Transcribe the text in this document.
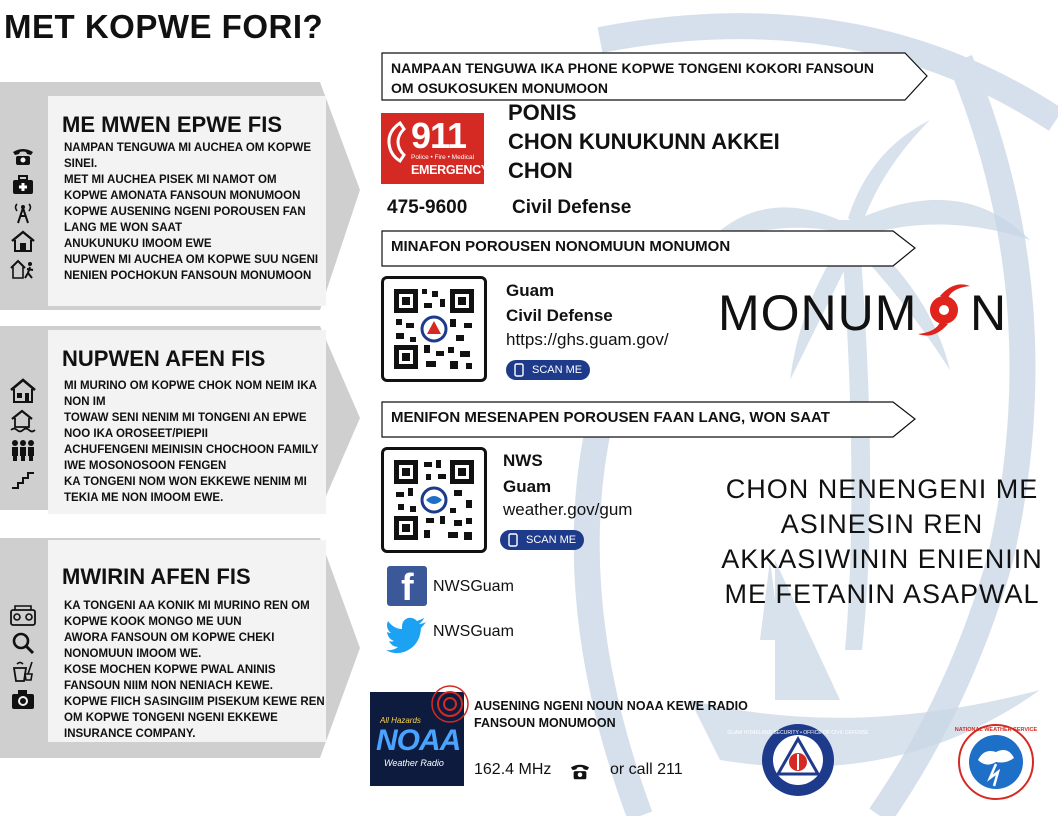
MET KOPWE FORI?
ME MWEN EPWE FIS
NAMPAN TENGUWA MI AUCHEA OM KOPWE
SINEI.
MET MI AUCHEA PISEK MI NAMOT OM
KOPWE AMONATA FANSOUN MONUMOON
KOPWE AUSENING NGENI POROUSEN FAN
LANG ME WON SAAT
ANUKUNUKU IMOOM EWE
NUPWEN MI AUCHEA OM KOPWE SUU NGENI
NENIEN POCHOKUN FANSOUN MONUMOON
NUPWEN AFEN FIS
MI MURINO OM KOPWE CHOK NOM NEIM IKA
NON IM
TOWAW SENI NENIM MI TONGENI AN EPWE
NOO IKA OROSEET/PIEPII
ACHUFENGENI MEINISIN CHOCHOON FAMILY
IWE MOSONOSOON FENGEN
KA TONGENI NOM WON EKKEWE NENIM MI
TEKIA ME NON IMOOM EWE.
MWIRIN AFEN FIS
KA TONGENI AA KONIK MI MURINO REN OM
KOPWE KOOK MONGO ME UUN
AWORA FANSOUN OM KOPWE CHEKI
NONOMUUN IMOOM WE.
KOSE MOCHEN KOPWE PWAL ANINIS
FANSOUN NIIM NON NENIACH KEWE.
KOPWE FIICH SASINGIIM PISEKUM KEWE REN
OM KOPWE TONGENI NGENI EKKEWE
INSURANCE COMPANY.
NAMPAAN TENGUWA IKA PHONE KOPWE TONGENI KOKORI FANSOUN
OM OSUKOSUKEN MONUMOON
911
Police • Fire • Medical
EMERGENCY
PONIS
CHON KUNUKUNN AKKEI
CHON
475-9600 Civil Defense
MINAFON POROUSEN NONOMUUN MONUMON
Guam
Civil Defense
https://ghs.guam.gov/
SCAN ME
MONUM N
MENIFON MESENAPEN POROUSEN FAAN LANG, WON SAAT
NWS
Guam
weather.gov/gum
SCAN ME
f NWSGuam
NWSGuam
CHON NENENGENI ME
ASINESIN REN
AKKASIWININ ENIENIIN
ME FETANIN ASAPWAL
All Hazards
NOAA
Weather Radio
AUSENING NGENI NOUN NOAA KEWE RADIO
FANSOUN MONUMOON
162.4 MHz	or call 211
GUAM HOMELAND SECURITY • OFFICE OF CIVIL DEFENSE	NATIONAL WEATHER SERVICE
